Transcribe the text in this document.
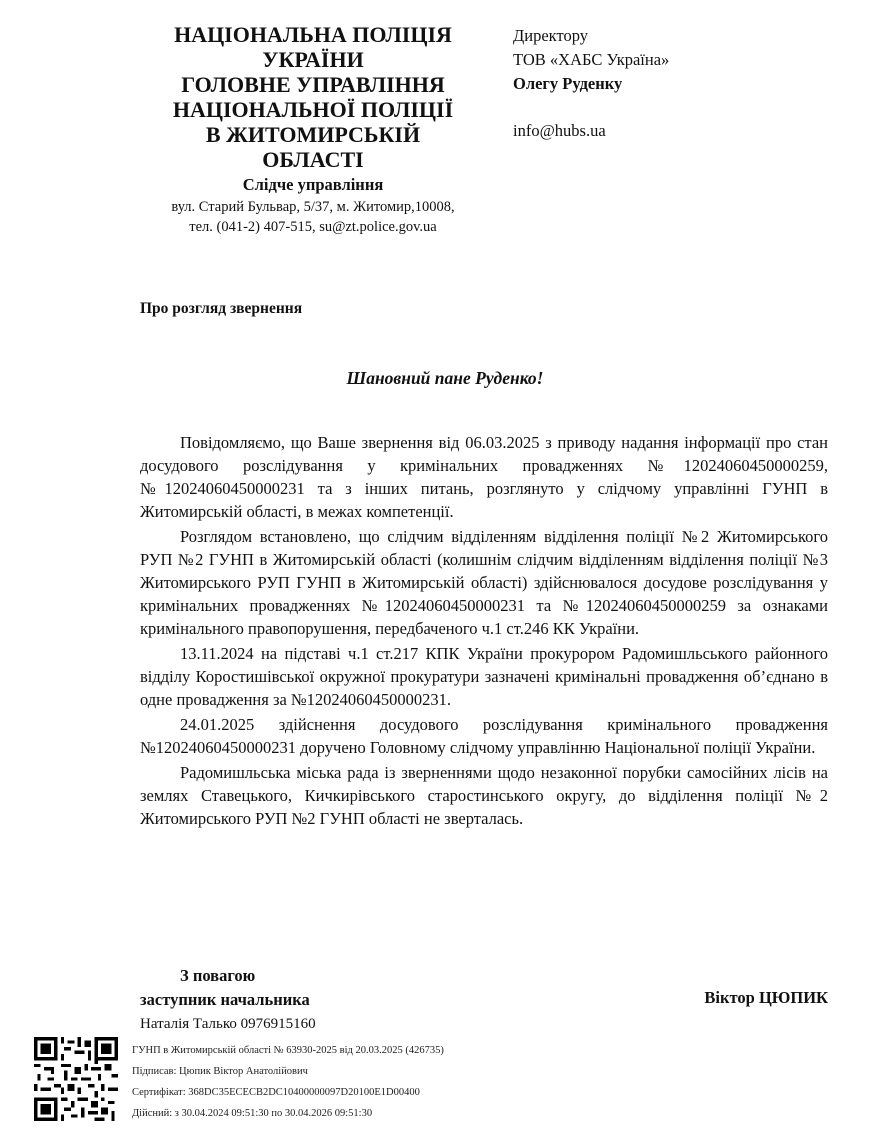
НАЦІОНАЛЬНА ПОЛІЦІЯ
УКРАЇНИ
ГОЛОВНЕ УПРАВЛІННЯ
НАЦІОНАЛЬНОЇ ПОЛІЦІЇ
В ЖИТОМИРСЬКІЙ
ОБЛАСТІ
Слідче управління
вул. Старий Бульвар, 5/37, м. Житомир,10008,
тел. (041-2) 407-515, su@zt.police.gov.ua
Директору
ТОВ «ХАБС Україна»
Олегу Руденку
info@hubs.ua
Про розгляд звернення
Шановний пане Руденко!

Повідомляємо, що Ваше звернення від 06.03.2025 з приводу надання інформації про стан досудового розслідування у кримінальних провадженнях №12024060450000259, №12024060450000231 та з інших питань, розглянуто у слідчому управлінні ГУНП в Житомирській області, в межах компетенції.

Розглядом встановлено, що слідчим відділенням відділення поліції №2 Житомирського РУП №2 ГУНП в Житомирській області (колишнім слідчим відділенням відділення поліції №3 Житомирського РУП ГУНП в Житомирській області) здійснювалося досудове розслідування у кримінальних провадженнях №12024060450000231 та №12024060450000259 за ознаками кримінального правопорушення, передбаченого ч.1 ст.246 КК України.

13.11.2024 на підставі ч.1 ст.217 КПК України прокурором Радомишльського районного відділу Коростишівської окружної прокуратури зазначені кримінальні провадження об’єднано в одне провадження за №12024060450000231.

24.01.2025 здійснення досудового розслідування кримінального провадження №12024060450000231 доручено Головному слідчому управлінню Національної поліції України.

Радомишльська міська рада із зверненнями щодо незаконної порубки самосійних лісів на землях Ставецького, Кичкирівського старостинського округу, до відділення поліції №2 Житомирського РУП №2 ГУНП області не зверталась.

З повагою
заступник начальника
Наталія Талько 0976915160
Віктор ЦЮПИК
ГУНП в Житомирській області № 63930-2025 від 20.03.2025 (426735)
Підписав: Цюпик Віктор Анатолійович
Сертифікат: 368DC35ECECB2DC10400000097D20100E1D00400
Дійсний: з 30.04.2024 09:51:30 по 30.04.2026 09:51:30
